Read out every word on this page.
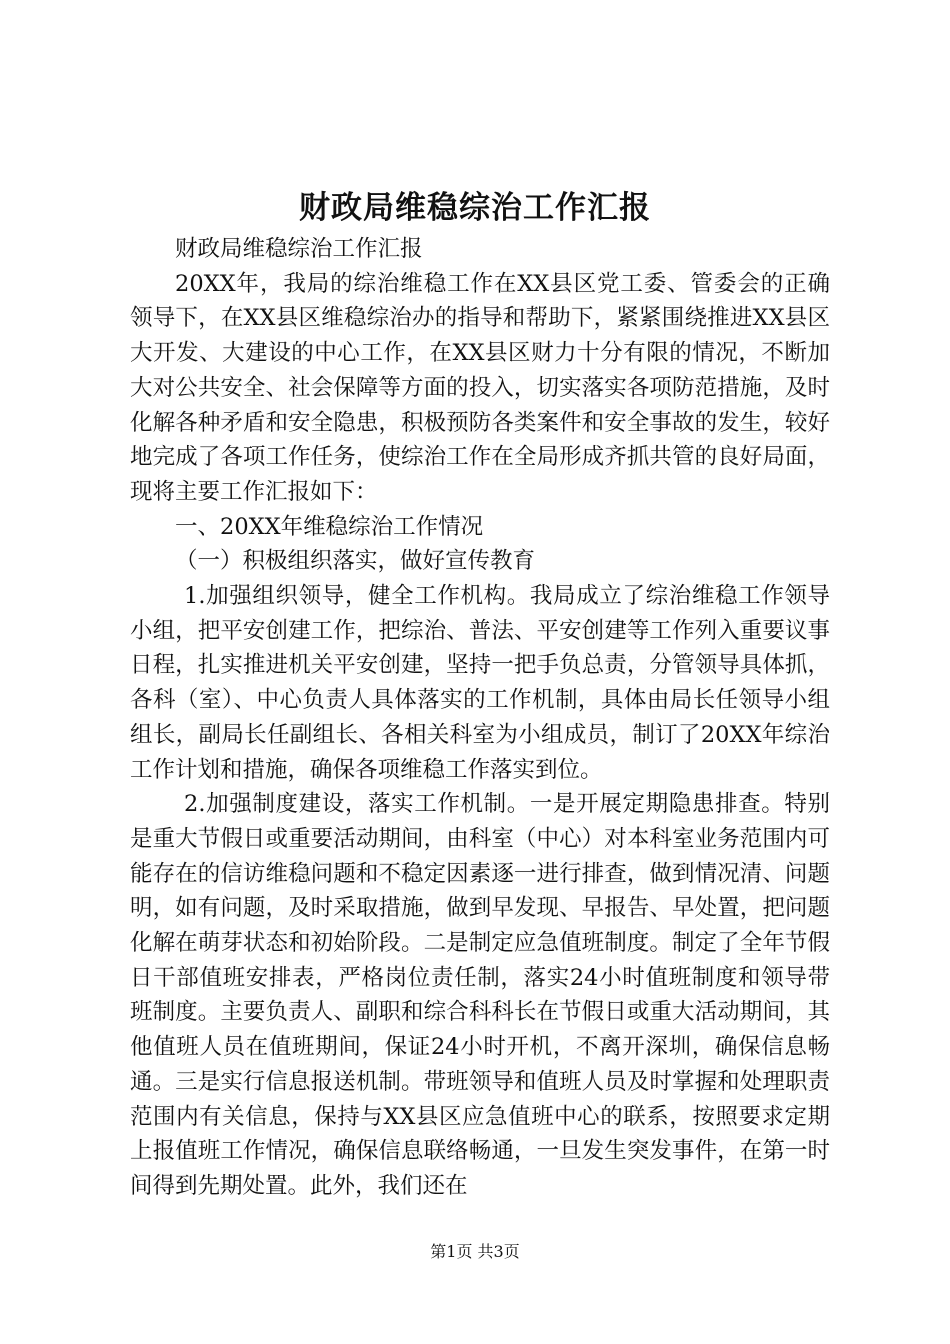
财政局维稳综治工作汇报

财政局维稳综治工作汇报

20XX年，我局的综治维稳工作在XX县区党工委、管委会的正确领导下，在XX县区维稳综治办的指导和帮助下，紧紧围绕推进XX县区大开发、大建设的中心工作，在XX县区财力十分有限的情况，不断加大对公共安全、社会保障等方面的投入，切实落实各项防范措施，及时化解各种矛盾和安全隐患，积极预防各类案件和安全事故的发生，较好地完成了各项工作任务，使综治工作在全局形成齐抓共管的良好局面，现将主要工作汇报如下：

一、20XX年维稳综治工作情况

（一）积极组织落实，做好宣传教育

1.加强组织领导，健全工作机构。我局成立了综治维稳工作领导小组，把平安创建工作，把综治、普法、平安创建等工作列入重要议事日程，扎实推进机关平安创建，坚持一把手负总责，分管领导具体抓，各科（室）、中心负责人具体落实的工作机制，具体由局长任领导小组组长，副局长任副组长、各相关科室为小组成员，制订了20XX年综治工作计划和措施，确保各项维稳工作落实到位。

2.加强制度建设，落实工作机制。一是开展定期隐患排查。特别是重大节假日或重要活动期间，由科室（中心）对本科室业务范围内可能存在的信访维稳问题和不稳定因素逐一进行排查，做到情况清、问题明，如有问题，及时采取措施，做到早发现、早报告、早处置，把问题化解在萌芽状态和初始阶段。二是制定应急值班制度。制定了全年节假日干部值班安排表，严格岗位责任制，落实24小时值班制度和领导带班制度。主要负责人、副职和综合科科长在节假日或重大活动期间，其他值班人员在值班期间，保证24小时开机，不离开深圳，确保信息畅通。三是实行信息报送机制。带班领导和值班人员及时掌握和处理职责范围内有关信息，保持与XX县区应急值班中心的联系，按照要求定期上报值班工作情况，确保信息联络畅通，一旦发生突发事件，在第一时间得到先期处置。此外，我们还在

第1页 共3页
